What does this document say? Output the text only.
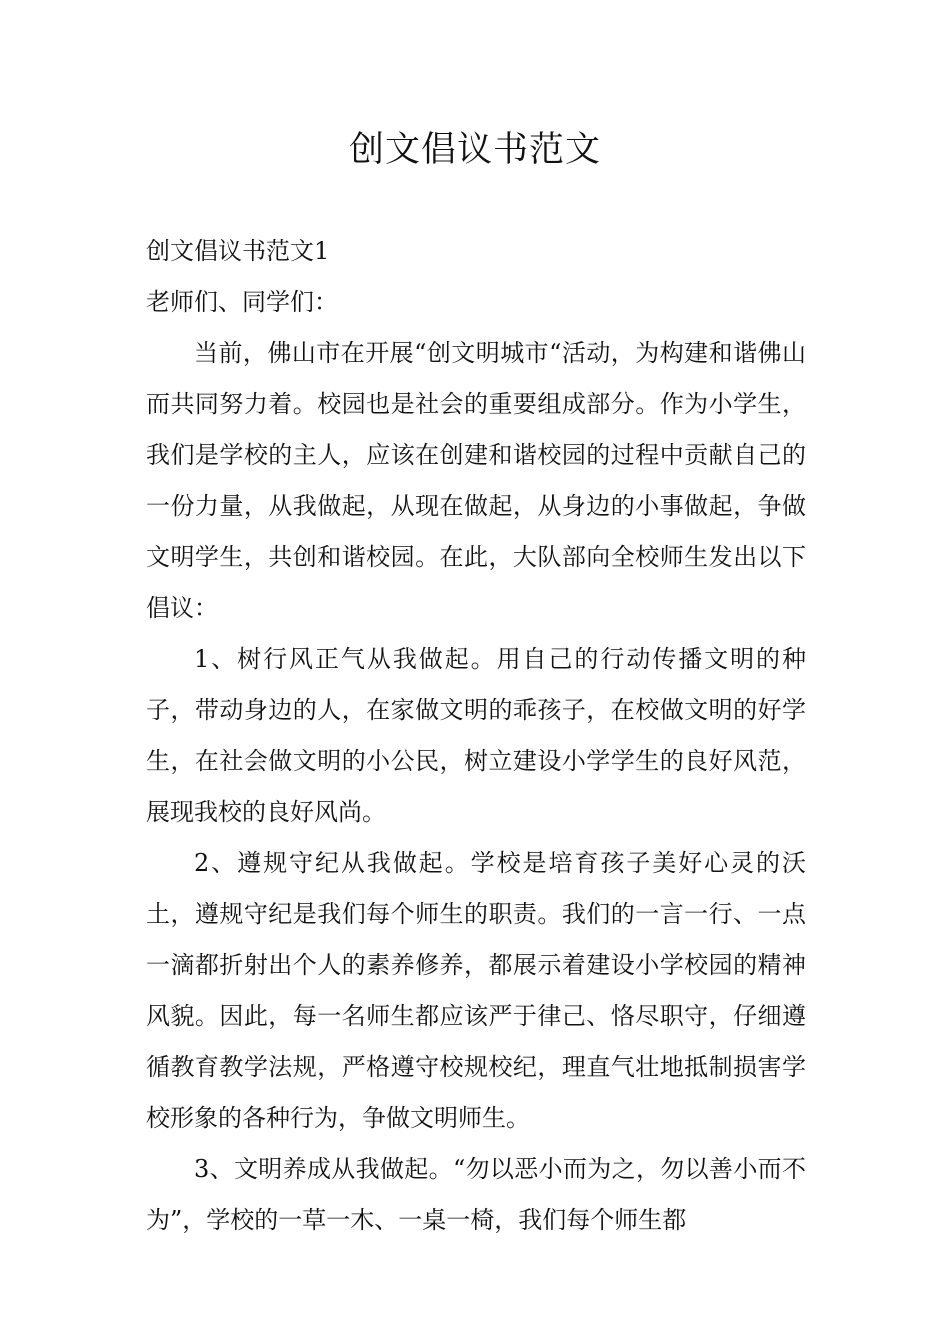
创文倡议书范文

创文倡议书范文1

老师们、同学们：

当前，佛山市在开展“创文明城市“活动，为构建和谐佛山而共同努力着。校园也是社会的重要组成部分。作为小学生，我们是学校的主人，应该在创建和谐校园的过程中贡献自己的一份力量，从我做起，从现在做起，从身边的小事做起，争做文明学生，共创和谐校园。在此，大队部向全校师生发出以下倡议：

1、树行风正气从我做起。用自己的行动传播文明的种子，带动身边的人，在家做文明的乖孩子，在校做文明的好学生，在社会做文明的小公民，树立建设小学学生的良好风范，展现我校的良好风尚。

2、遵规守纪从我做起。学校是培育孩子美好心灵的沃土，遵规守纪是我们每个师生的职责。我们的一言一行、一点一滴都折射出个人的素养修养，都展示着建设小学校园的精神风貌。因此，每一名师生都应该严于律己、恪尽职守，仔细遵循教育教学法规，严格遵守校规校纪，理直气壮地抵制损害学校形象的各种行为，争做文明师生。

3、文明养成从我做起。“勿以恶小而为之，勿以善小而不为”，学校的一草一木、一桌一椅，我们每个师生都
